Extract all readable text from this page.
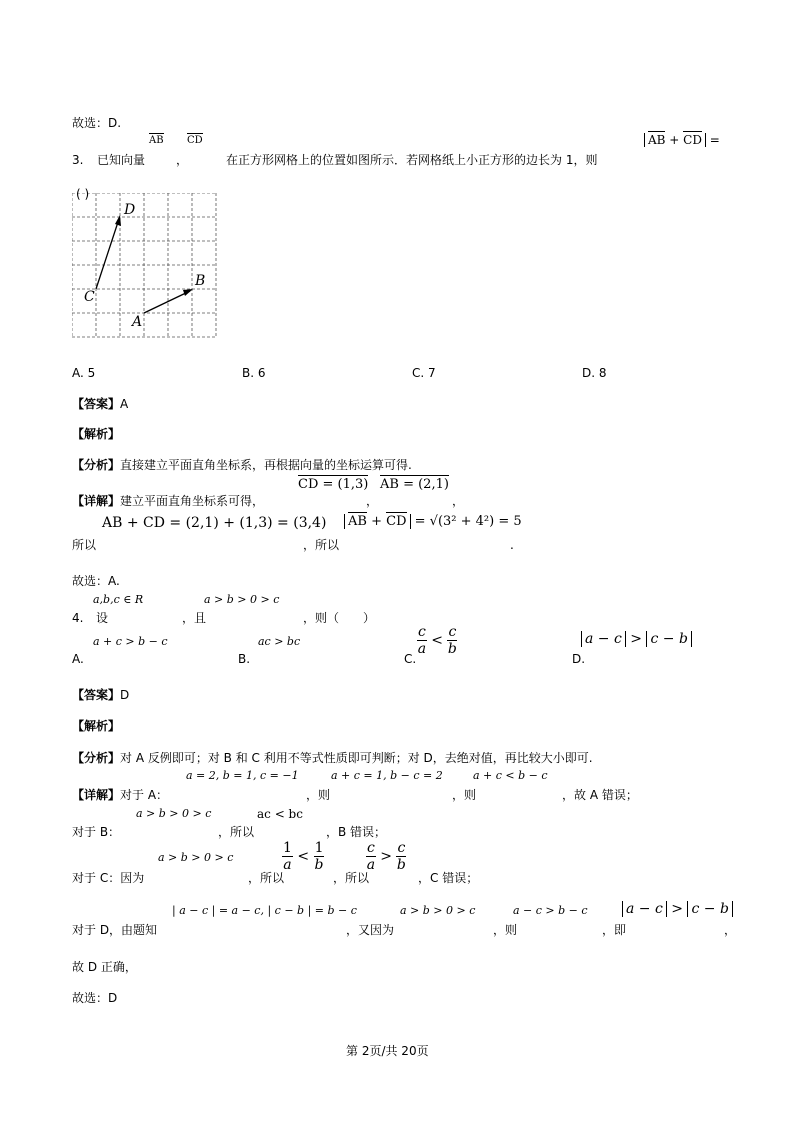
故选：D.
AB CD	AB + CD =
3. 已知向量	，	在正方形网格上的位置如图所示．若网格纸上小正方形的边长为 1，则
D
C
B
A
( )
A. 5	B. 6	C. 7	D. 8
【答案】A
【解析】
【分析】直接建立平面直角坐标系，再根据向量的坐标运算可得.
CD = (1,3) AB = (2,1)
【详解】建立平面直角坐标系可得，	，	，
AB + CD = (2,1) + (1,3) = (3,4)	AB + CD = √(3² + 4²) = 5
所以	，所以	.
故选：A.
a,b,c ∈ R	a > b > 0 > c
4. 设	，且	，则（　　）
a + c > b − c	ac > bc	$\frac{c}{a} < \frac{c}{b}$	a − c > c − b
A.	B.	C.	D.
【答案】D
【解析】
【分析】对 A 反例即可；对 B 和 C 利用不等式性质即可判断；对 D，去绝对值，再比较大小即可.
a = 2, b = 1, c = −1	a + c = 1, b − c = 2	a + c < b − c
【详解】对于 A：	，则	，则	，故 A 错误；
a > b > 0 > c	ac < bc
对于 B：	，所以	，B 错误；
a > b > 0 > c	$\frac{1}{a} < \frac{1}{b}$	$\frac{c}{a} > \frac{c}{b}$
对于 C：因为	，所以	，所以	，C 错误；
| a − c | = a − c, | c − b | = b − c	a > b > 0 > c	a − c > b − c	a − c > c − b
对于 D，由题知	，又因为	，则	，即	，
故 D 正确，
故选：D
第 2页/共 20页
